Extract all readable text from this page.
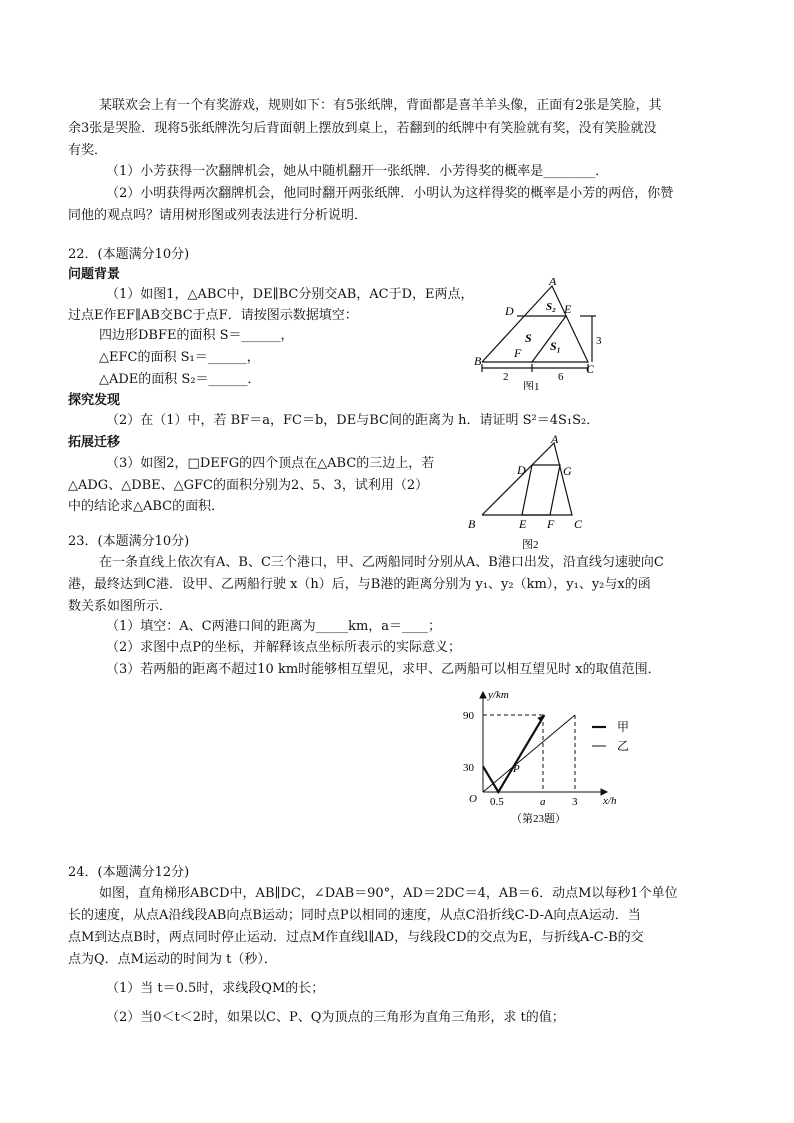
某联欢会上有一个有奖游戏，规则如下：有5张纸牌，背面都是喜羊羊头像，正面有2张是笑脸，其
余3张是哭脸．现将5张纸牌洗匀后背面朝上摆放到桌上，若翻到的纸牌中有笑脸就有奖，没有笑脸就没
有奖．
（1）小芳获得一次翻牌机会，她从中随机翻开一张纸牌．小芳得奖的概率是________．
（2）小明获得两次翻牌机会，他同时翻开两张纸牌．小明认为这样得奖的概率是小芳的两倍，你赞
同他的观点吗？请用树形图或列表法进行分析说明．
22．(本题满分10分)
问题背景
（1）如图1，△ABC中，DE∥BC分别交AB，AC于D，E两点，
过点E作EF∥AB交BC于点F．请按图示数据填空：
四边形DBFE的面积 S＝______，
△EFC的面积 S₁＝______，
△ADE的面积 S₂＝______．
探究发现
（2）在（1）中，若 BF＝a，FC＝b，DE与BC间的距离为 h．请证明 S²＝4S₁S₂．
拓展迁移
（3）如图2，□DEFG的四个顶点在△ABC的三边上，若
△ADG、△DBE、△GFC的面积分别为2、5、3，试利用（2）
中的结论求△ABC的面积．
A
D	E
B
F
C
S₂
S
S₁
2	6
3
图1
A
D	G
B	E F C
图2
23．(本题满分10分)
在一条直线上依次有A、B、C三个港口，甲、乙两船同时分别从A、B港口出发，沿直线匀速驶向C
港，最终达到C港．设甲、乙两船行驶 x（h）后，与B港的距离分别为 y₁、y₂（km），y₁、y₂与x的函
数关系如图所示．
（1）填空：A、C两港口间的距离为_____km，a＝____；
（2）求图中点P的坐标，并解释该点坐标所表示的实际意义；
（3）若两船的距离不超过10 km时能够相互望见，求甲、乙两船可以相互望见时 x的取值范围．
y/km
x/h
90
30
O 0.5	a 3
P
甲
乙
（第23题）
24．(本题满分12分)
如图，直角梯形ABCD中，AB∥DC，∠DAB＝90°，AD＝2DC＝4，AB＝6．动点M以每秒1个单位
长的速度，从点A沿线段AB向点B运动；同时点P以相同的速度，从点C沿折线C-D-A向点A运动．当
点M到达点B时，两点同时停止运动．过点M作直线l∥AD，与线段CD的交点为E，与折线A-C-B的交
点为Q．点M运动的时间为 t（秒）．
（1）当 t＝0.5时，求线段QM的长；
（2）当0＜t＜2时，如果以C、P、Q为顶点的三角形为直角三角形，求 t的值；
